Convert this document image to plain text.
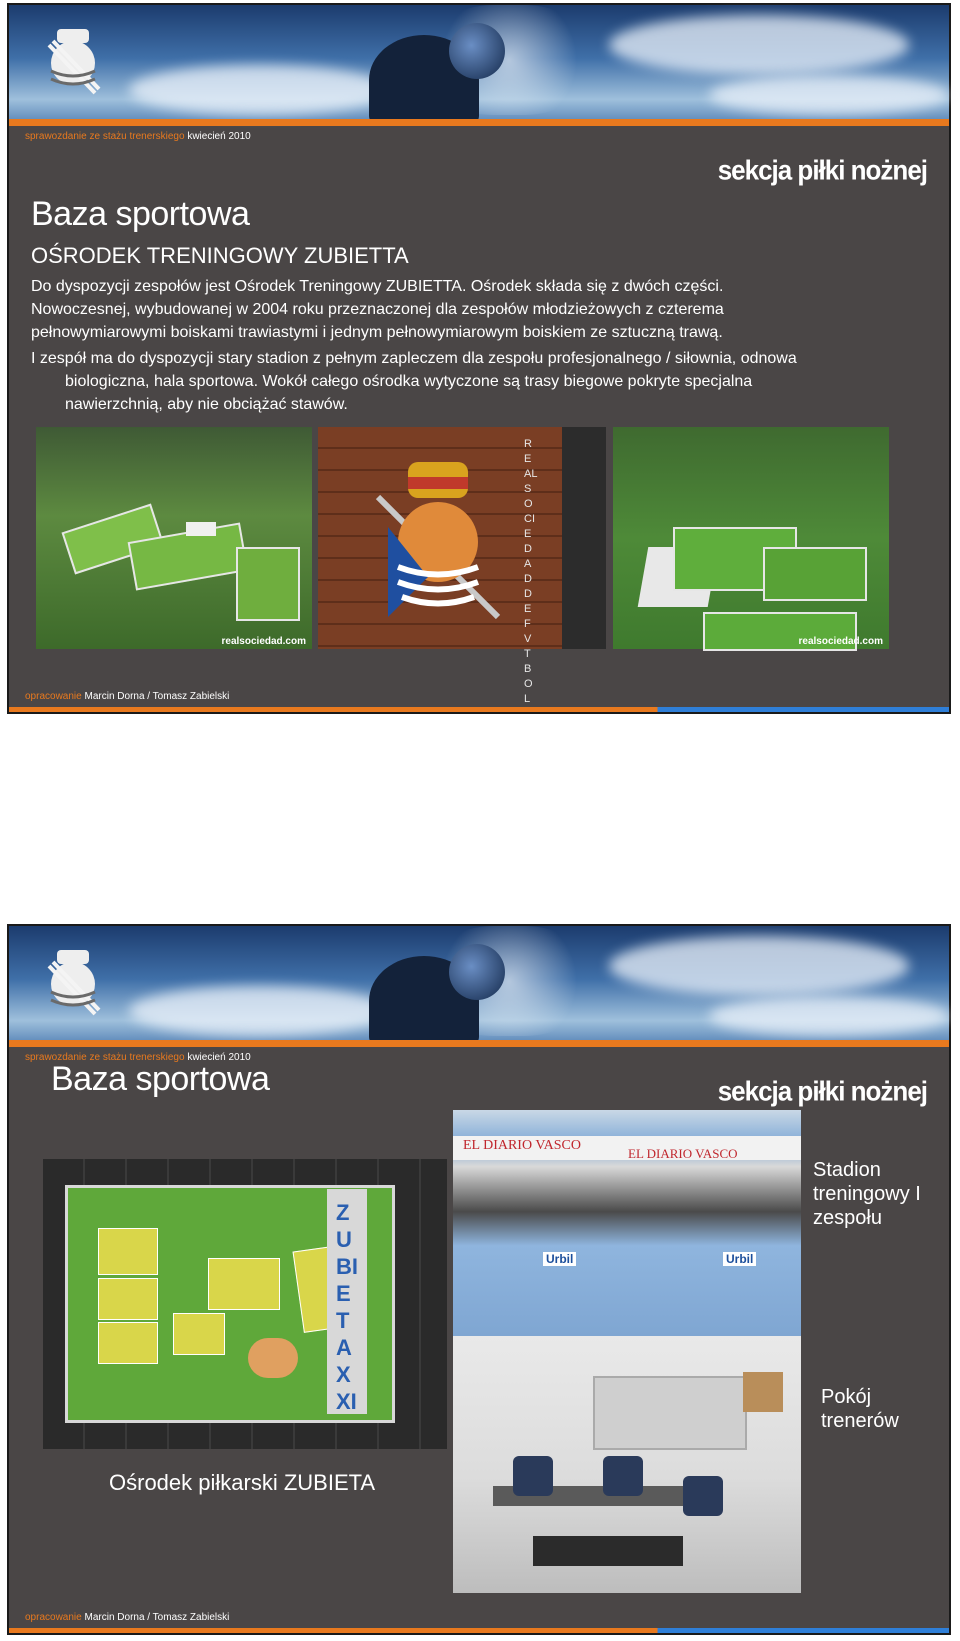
sprawozdanie ze stażu trenerskiego kwiecień 2010
sekcja piłki nożnej
Baza sportowa
OŚRODEK TRENINGOWY ZUBIETTA
Do dyspozycji zespołów jest Ośrodek Treningowy ZUBIETTA. Ośrodek składa się z dwóch części.
Nowoczesnej, wybudowanej w 2004 roku przeznaczonej dla zespołów młodzieżowych z czterema
pełnowymiarowymi boiskami trawiastymi i jednym pełnowymiarowym boiskiem ze sztuczną trawą.
I zespół ma do dyspozycji stary stadion z pełnym zapleczem dla zespołu profesjonalnego / siłownia, odnowa
biologiczna, hala sportowa. Wokół całego ośrodka wytyczone są trasy biegowe pokryte specjalna
nawierzchnią, aby nie obciążać stawów.
realsociedad.com
REAL SOCIEDAD DE FVTBOL
realsociedad.com
opracowanie Marcin Dorna / Tomasz Zabielski
sprawozdanie ze stażu trenerskiego kwiecień 2010
sekcja piłki nożnej
Baza sportowa
ZUBIETA XXI
EL DIARIO VASCO
EL DIARIO VASCO
Urbil	Urbil
Stadion treningowy I zespołu
Pokój trenerów
Ośrodek piłkarski ZUBIETA
opracowanie Marcin Dorna / Tomasz Zabielski
